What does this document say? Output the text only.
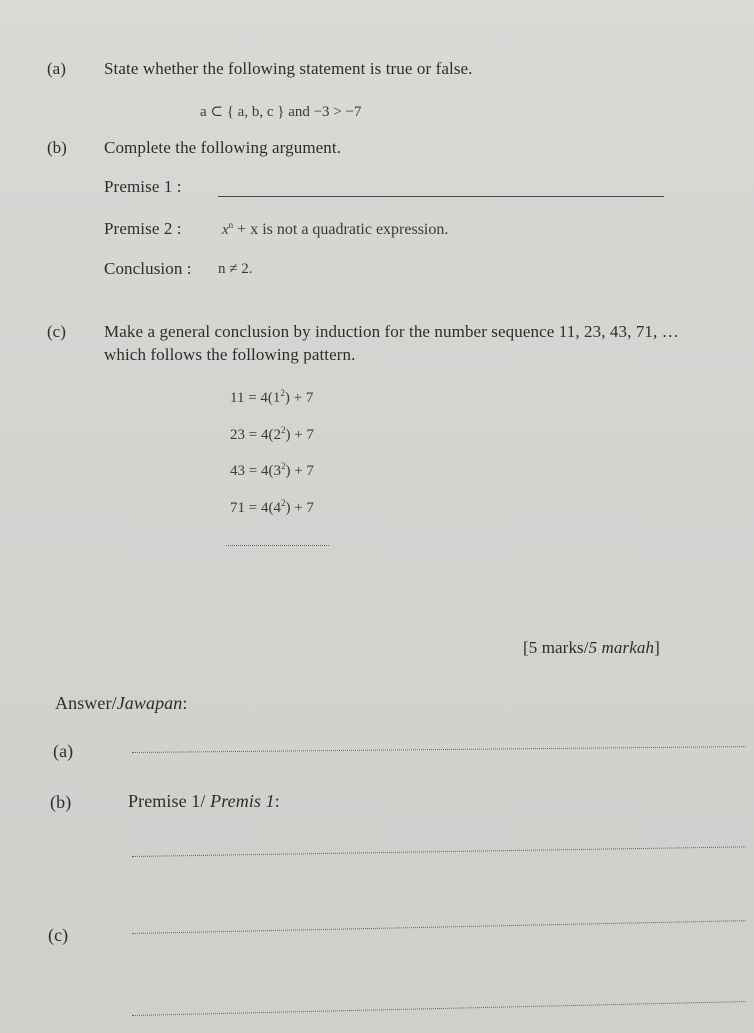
(a) State whether the following statement is true or false.
a ⊂ { a, b, c } and −3 > −7
(b) Complete the following argument.
Premise 1 :
Premise 2 :	$x^n + x$ is not a quadratic expression.
Conclusion : n ≠ 2.
(c) Make a general conclusion by induction for the number sequence 11, 23, 43, 71, …
which follows the following pattern.
$11 = 4(1^2) + 7$
$23 = 4(2^2) + 7$
$43 = 4(3^2) + 7$
$71 = 4(4^2) + 7$
[5 marks/5 markah]
Answer/Jawapan:
(a)
(b)	Premise 1/ Premis 1:
(c)
